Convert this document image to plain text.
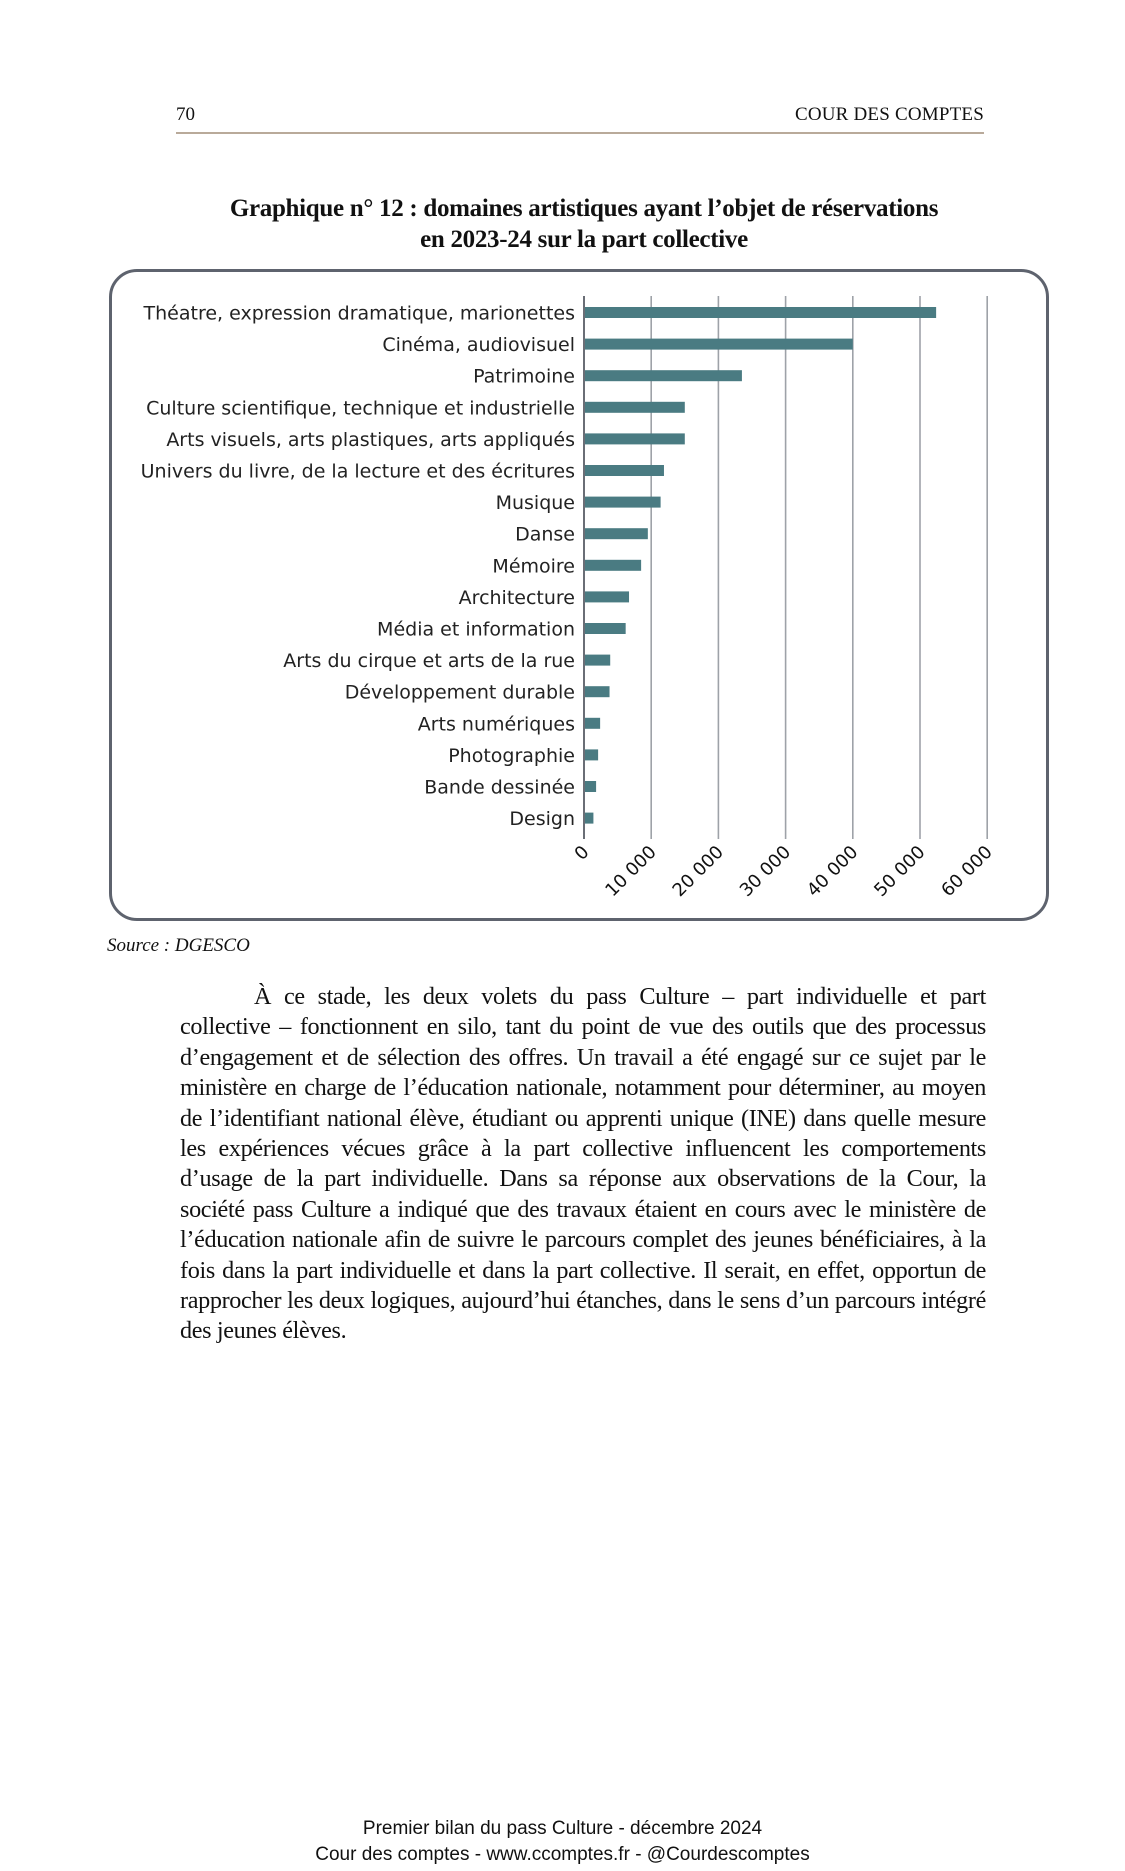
70	COUR DES COMPTES
Graphique n° 12 : domaines artistiques ayant l’objet de réservations
en 2023-24 sur la part collective
Théatre, expression dramatique, marionettes
Cinéma, audiovisuel
Patrimoine
Culture scientifique, technique et industrielle
Arts visuels, arts plastiques, arts appliqués
Univers du livre, de la lecture et des écritures
Musique
Danse
Mémoire
Architecture
Média et information
Arts du cirque et arts de la rue
Développement durable
Arts numériques
Photographie
Bande dessinée
Design
0 10 000 20 000 30 000 40 000 50 000 60 000
Source : DGESCO
À ce stade, les deux volets du pass Culture – part individuelle et part collective – fonctionnent en silo, tant du point de vue des outils que des processus d’engagement et de sélection des offres. Un travail a été engagé sur ce sujet par le ministère en charge de l’éducation nationale, notamment pour déterminer, au moyen de l’identifiant national élève, étudiant ou apprenti unique (INE) dans quelle mesure les expériences vécues grâce à la part collective influencent les comportements d’usage de la part individuelle. Dans sa réponse aux observations de la Cour, la société pass Culture a indiqué que des travaux étaient en cours avec le ministère de l’éducation nationale afin de suivre le parcours complet des jeunes bénéficiaires, à la fois dans la part individuelle et dans la part collective. Il serait, en effet, opportun de rapprocher les deux logiques, aujourd’hui étanches, dans le sens d’un parcours intégré des jeunes élèves.
Premier bilan du pass Culture - décembre 2024
Cour des comptes - www.ccomptes.fr - @Courdescomptes
